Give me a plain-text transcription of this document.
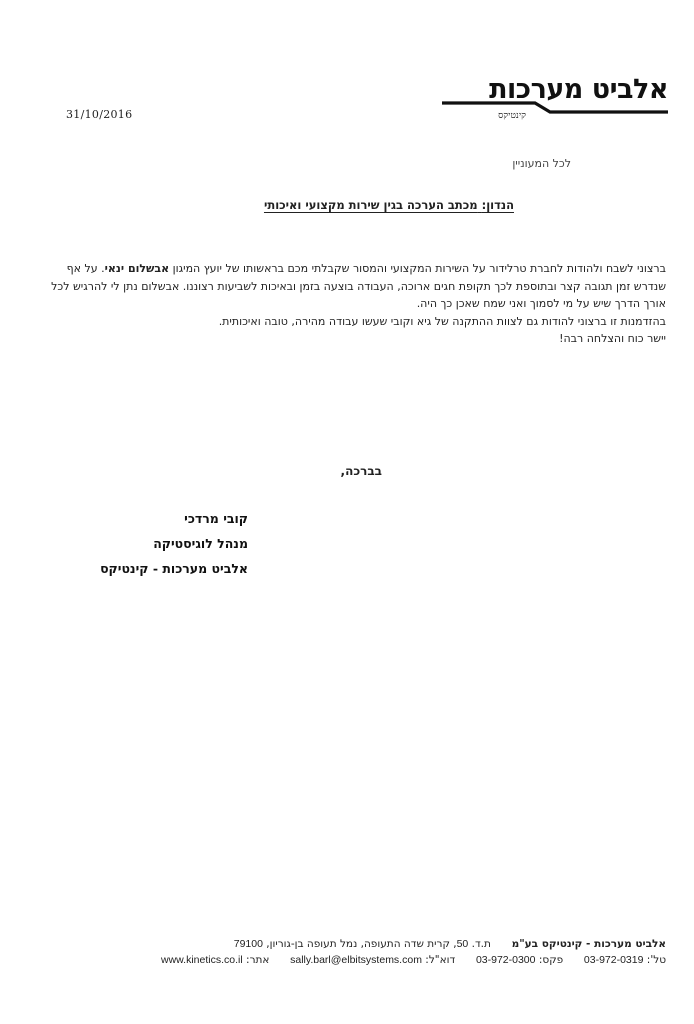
אלביט מערכות
קינטיקס
31/10/2016
לכל המעוניין
הנדון: מכתב הערכה בגין שירות מקצועי ואיכותי

ברצוני לשבח ולהודות לחברת טרלידור על השירות המקצועי והמסור שקבלתי מכם בראשותו של יועץ המיגון אבשלום ינאי. על אף שנדרש זמן תגובה קצר ובתוספת לכך תקופת חגים ארוכה, העבודה בוצעה בזמן ובאיכות לשביעות רצוננו. אבשלום נתן לי להרגיש לכל אורך הדרך שיש על מי לסמוך ואני שמח שאכן כך היה.

בהזדמנות זו ברצוני להודות גם לצוות ההתקנה של גיא וקובי שעשו עבודה מהירה, טובה ואיכותית.

יישר כוח והצלחה רבה!

בברכה,
קובי מרדכי
מנהל לוגיסטיקה
אלביט מערכות - קינטיקס
אלביט מערכות - קינטיקס בע"מ  ת.ד. 50, קרית שדה התעופה, נמל תעופה בן-גוריון, 79100
טל': 03-972-0319  פקס: 03-972-0300  דוא"ל: sally.barl@elbitsystems.com  אתר: www.kinetics.co.il
